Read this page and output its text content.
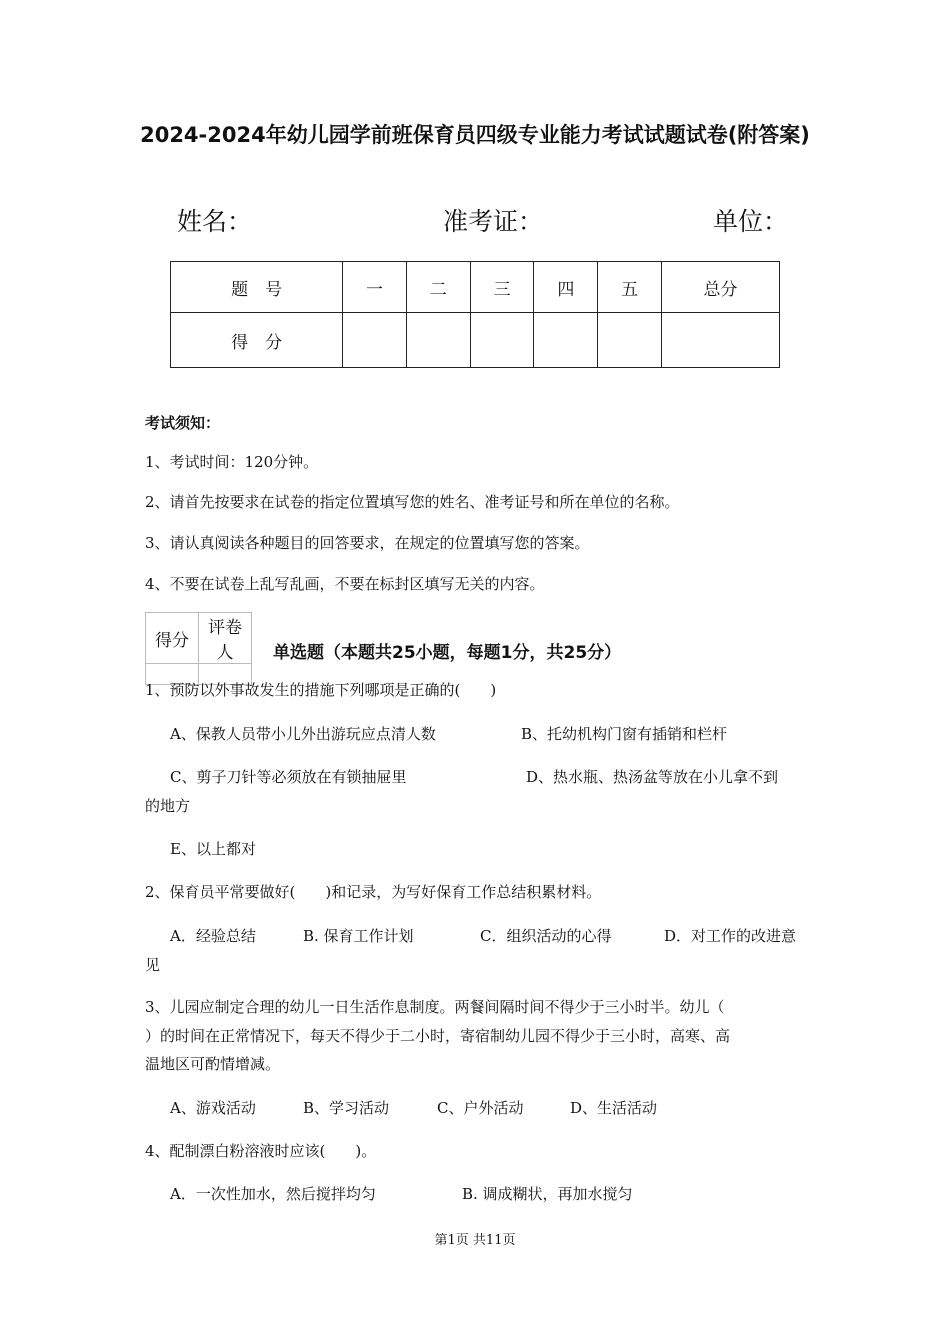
2024-2024年幼儿园学前班保育员四级专业能力考试试题试卷(附答案)
姓名：	准考证：	单位：
题　号	一	二	三	四	五	总分
得　分						
考试须知：
1、考试时间：120分钟。
2、请首先按要求在试卷的指定位置填写您的姓名、准考证号和所在单位的名称。
3、请认真阅读各种题目的回答要求，在规定的位置填写您的答案。
4、不要在试卷上乱写乱画，不要在标封区填写无关的内容。
得分	评卷人
	单选题（本题共25小题，每题1分，共25分）
1、预防以外事故发生的措施下列哪项是正确的(　　)
A、保教人员带小儿外出游玩应点清人数	B、托幼机构门窗有插销和栏杆
C、剪子刀针等必须放在有锁抽屉里	D、热水瓶、热汤盆等放在小儿拿不到
的地方
E、以上都对
2、保育员平常要做好(　　)和记录，为写好保育工作总结积累材料。
A．经验总结	B. 保育工作计划	C．组织活动的心得	D．对工作的改进意
见
3、儿园应制定合理的幼儿一日生活作息制度。两餐间隔时间不得少于三小时半。幼儿（
）的时间在正常情况下，每天不得少于二小时，寄宿制幼儿园不得少于三小时，高寒、高
温地区可酌情增减。
A、游戏活动	B、学习活动	C、户外活动	D、生活活动
4、配制漂白粉溶液时应该(　　)。
A．一次性加水，然后搅拌均匀	B. 调成糊状，再加水搅匀
第1页 共11页
